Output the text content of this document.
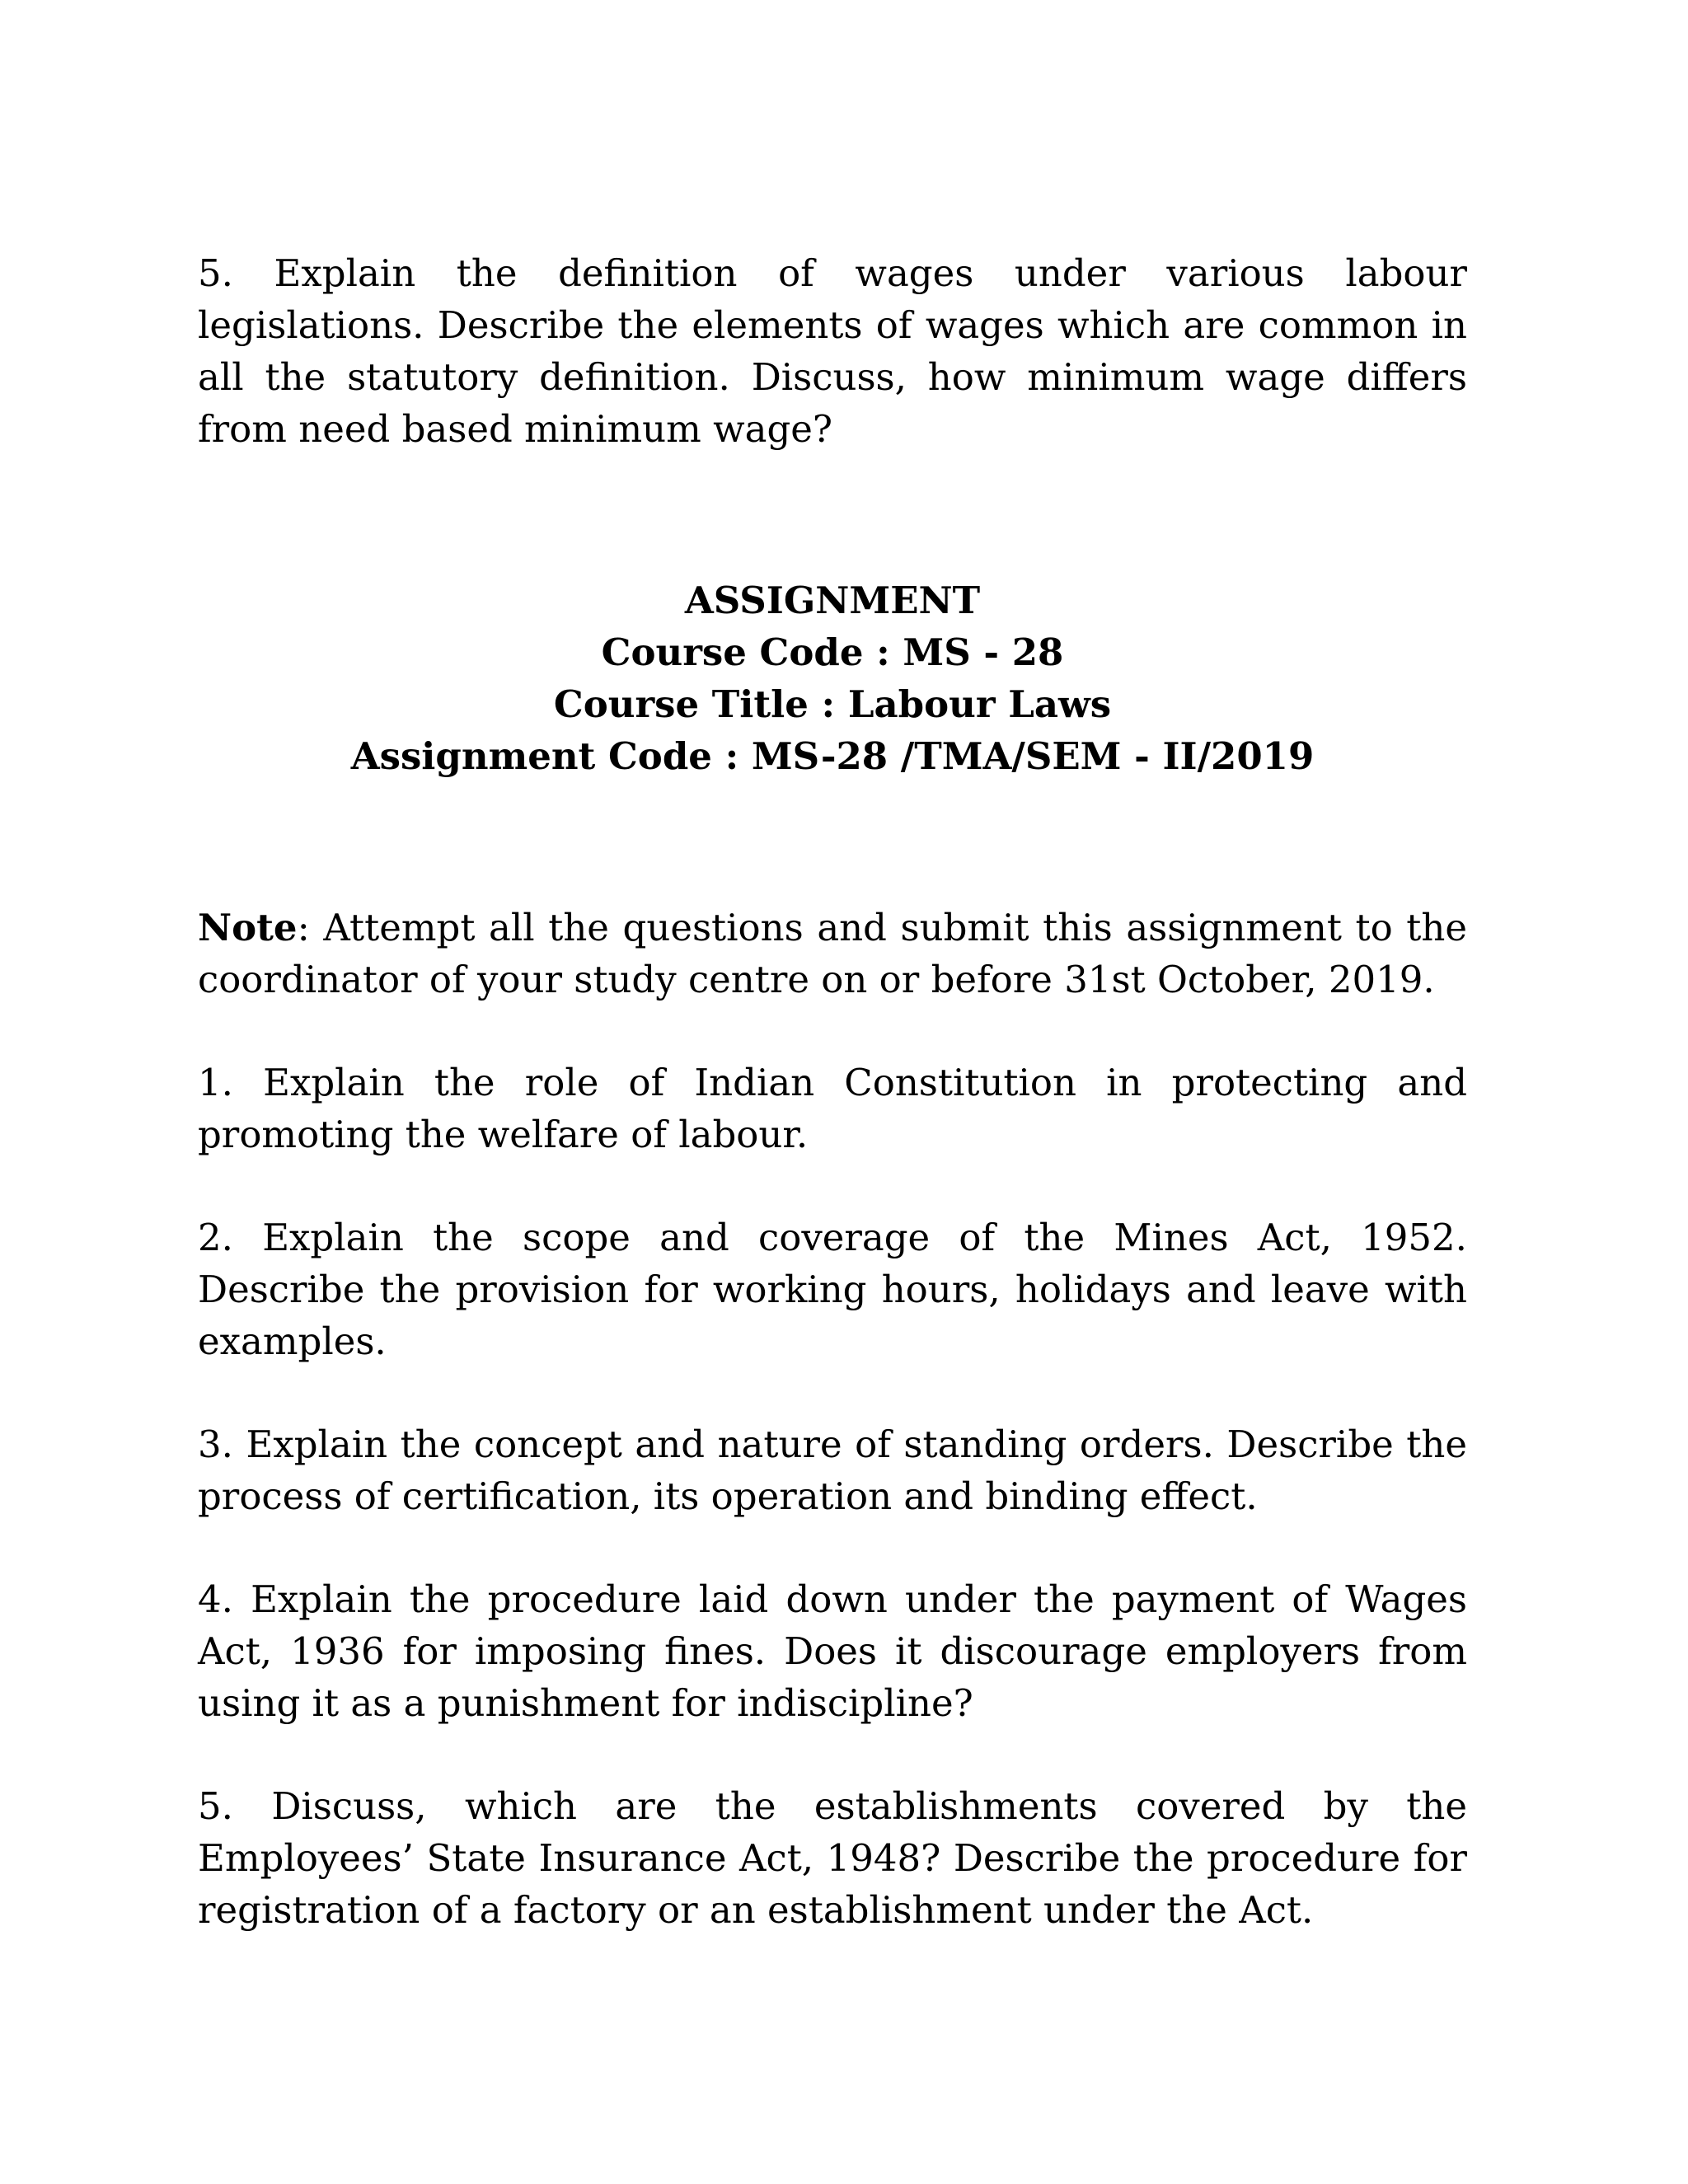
5. Explain the definition of wages under various labour legislations. Describe the elements of wages which are common in all the statutory definition. Discuss, how minimum wage differs from need based minimum wage?

ASSIGNMENT

Course Code : MS - 28

Course Title : Labour Laws

Assignment Code : MS-28 /TMA/SEM - II/2019

Note: Attempt all the questions and submit this assignment to the coordinator of your study centre on or before 31st October, 2019.

1. Explain the role of Indian Constitution in protecting and promoting the welfare of labour.

2. Explain the scope and coverage of the Mines Act, 1952. Describe the provision for working hours, holidays and leave with examples.

3. Explain the concept and nature of standing orders. Describe the process of certification, its operation and binding effect.

4. Explain the procedure laid down under the payment of Wages Act, 1936 for imposing fines. Does it discourage employers from using it as a punishment for indiscipline?

5. Discuss, which are the establishments covered by the Employees’ State Insurance Act, 1948? Describe the procedure for registration of a factory or an establishment under the Act.
